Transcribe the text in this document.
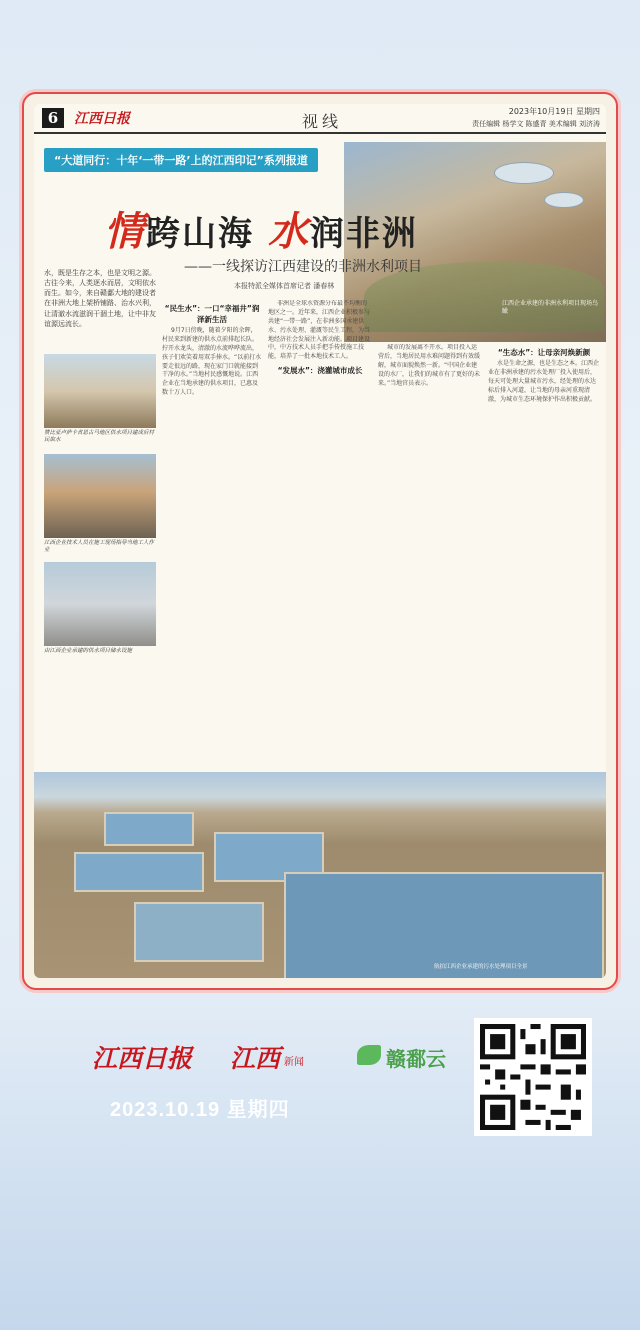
6	江西日报	视线
2023年10月19日 星期四
责任编辑 杨学文 陈盛青 美术编辑 刘济涛
“大道同行：十年‘一带一路’上的江西印记”系列报道
江西企业承建的非洲水利项目现场鸟瞰
情跨山海 水润非洲
——一线探访江西建设的非洲水利项目
本报特派全媒体首席记者 潘春林
水，既是生存之本，也是文明之源。古往今来，人类逐水而居，文明依水而生。如今，来自赣鄱大地的建设者在非洲大地上架桥铺路、治水兴利，让清澈水流滋润干涸土地，让中非友谊源远流长。
赞比亚卢萨卡省恩古马地区供水项目建成后村民取水
江西企业技术人员在施工现场指导当地工人作业
由江西企业承建的供水项目储水设施
“民生水”：一口“幸福井”润泽新生活

9月7日傍晚，随着夕阳的余晖，村民来到新建的供水点前排起长队。拧开水龙头，清澈的水流哗哗流出，孩子们欢笑着用双手捧水。“以前打水要走很远的路，现在家门口就能接到干净的水。”当地村民感慨地说。江西企业在当地承建的供水项目，已惠及数十万人口。

非洲是全球水资源分布最不均衡的地区之一。近年来，江西企业积极参与共建“一带一路”，在非洲多国承建供水、污水处理、灌溉等民生工程，为当地经济社会发展注入新动能。项目建设中，中方技术人员手把手传授施工技能，培养了一批本地技术工人。

“发展水”：浇灌城市成长

城市的发展离不开水。项目投入运营后，当地居民用水难问题得到有效缓解，城市面貌焕然一新。“中国企业建设的水厂，让我们的城市有了更好的未来。”当地官员表示。

“生态水”：让母亲河焕新颜

水是生命之源，也是生态之本。江西企业在非洲承建的污水处理厂投入使用后，每天可处理大量城市污水，经处理的水达标后排入河道，让当地的母亲河重现清澈，为城市生态环境保护作出积极贡献。

航拍江西企业承建的污水处理项目全景
江西日报 江西 新闻	赣鄱云
2023.10.19 星期四
